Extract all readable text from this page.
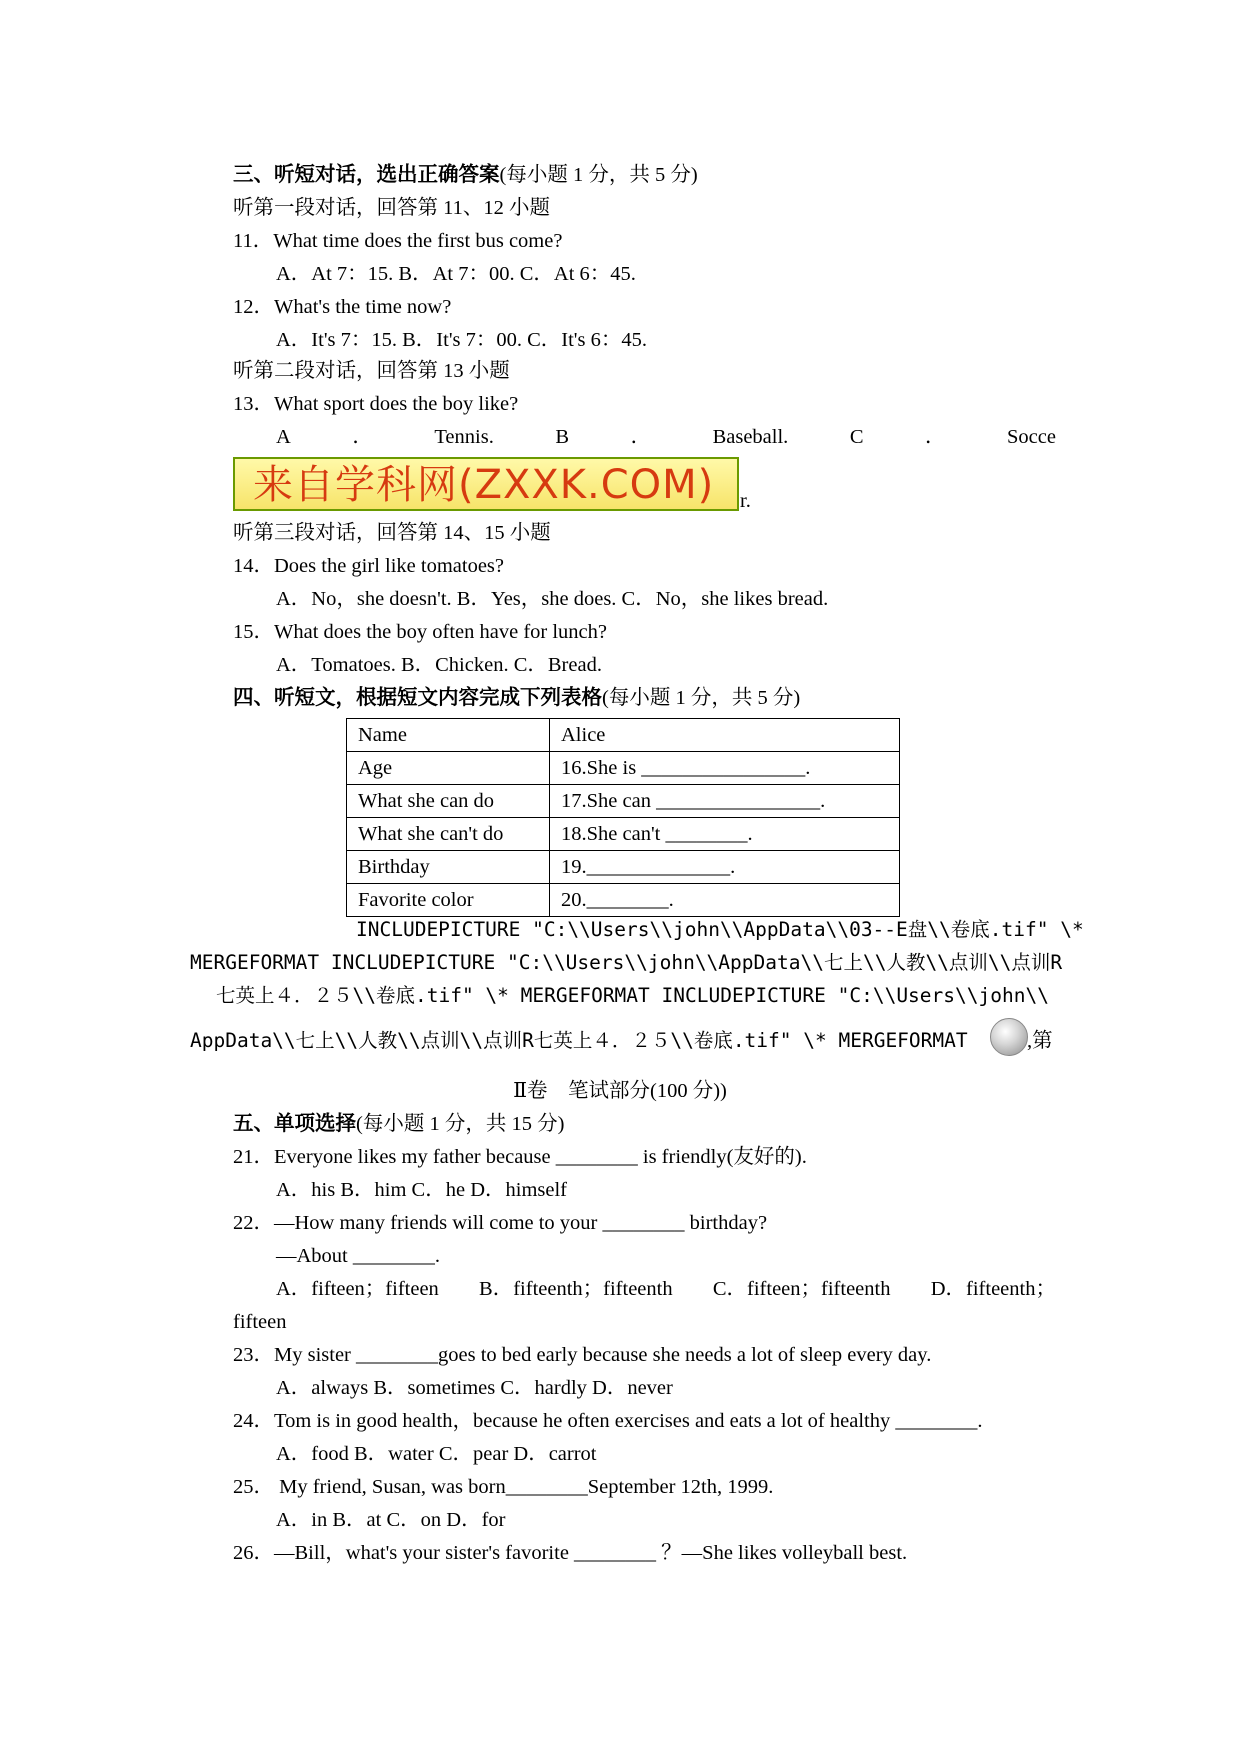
三、听短对话，选出正确答案(每小题 1 分，共 5 分)
听第一段对话，回答第 11、12 小题
11．What time does the first bus come?
A．At 7：15. B．At 7：00. C．At 6：45.
12．What's the time now?
A．It's 7：15. B．It's 7：00. C．It's 6：45.
听第二段对话，回答第 13 小题
13．What sport does the boy like?
A	．	Tennis.	B	．	Baseball.	C	．	Socce
来自学科网(ZXXK.COM) r.
听第三段对话，回答第 14、15 小题
14．Does the girl like tomatoes?
A．No，she doesn't. B．Yes，she does. C．No，she likes bread.
15．What does the boy often have for lunch?
A．Tomatoes. B．Chicken. C．Bread.
四、听短文，根据短文内容完成下列表格(每小题 1 分，共 5 分)
Name	Alice
Age	16.She is ________________.
What she can do	17.She can ________________.
What she can't do	18.She can't ________.
Birthday	19.______________.
Favorite color	20.________.
INCLUDEPICTURE "C:\\Users\\john\\AppData\\03--E盘\\卷底.tif" \*
MERGEFORMAT INCLUDEPICTURE "C:\\Users\\john\\AppData\\七上\\人教\\点训\\点训R
七英上４．２５\\卷底.tif" \* MERGEFORMAT INCLUDEPICTURE "C:\\Users\\john\\
AppData\\七上\\人教\\点训\\点训R七英上４．２５\\卷底.tif" \* MERGEFORMAT	,第
Ⅱ卷　笔试部分(100 分))
五、单项选择(每小题 1 分，共 15 分)
21．Everyone likes my father because ________ is friendly(友好的).
A．his B．him C．he D．himself
22．—How many friends will come to your ________ birthday?
—About ________.
A．fifteen；fifteen B．fifteenth；fifteenth C．fifteen；fifteenth D．fifteenth；
fifteen
23．My sister ________goes to bed early because she needs a lot of sleep every day.
A．always B．sometimes C．hardly D．never
24．Tom is in good health，because he often exercises and eats a lot of healthy ________.
A．food B．water C．pear D．carrot
25． My friend, Susan, was born________September 12th, 1999.
A．in B．at C．on D．for
26．—Bill，what's your sister's favorite ________ ？—She likes volleyball best.
